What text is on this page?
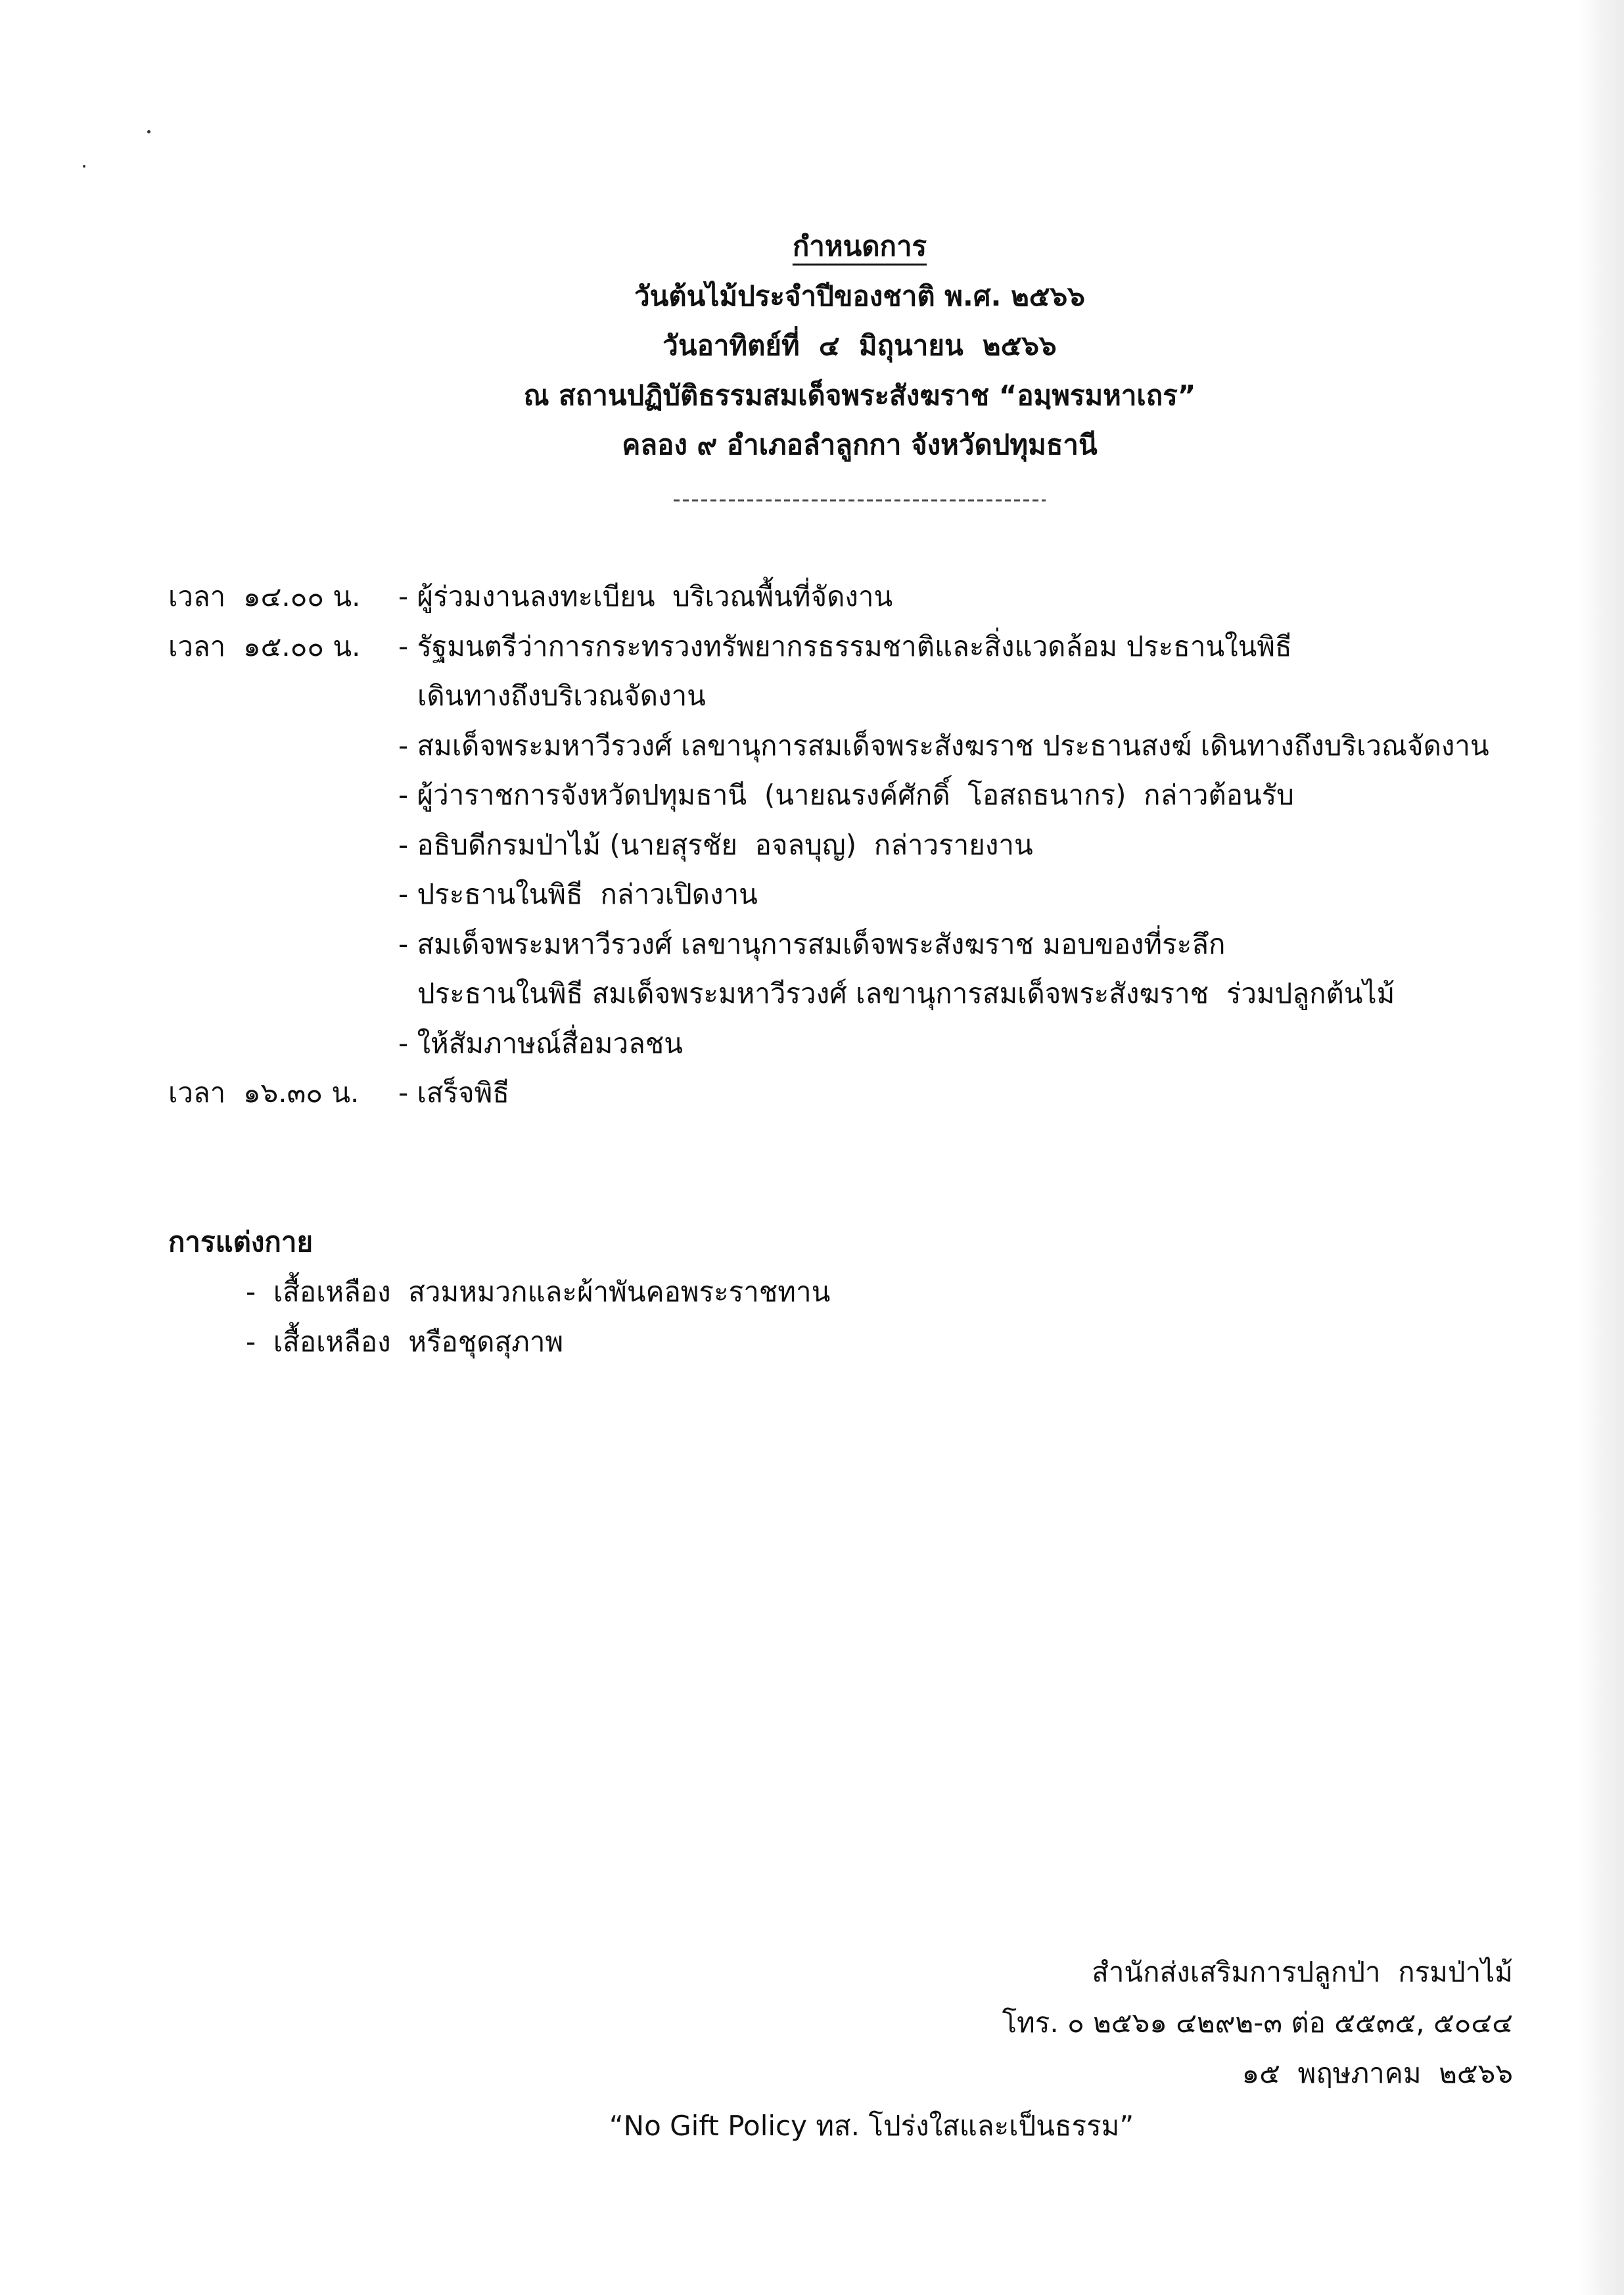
กำหนดการ
วันต้นไม้ประจำปีของชาติ พ.ศ. ๒๕๖๖
วันอาทิตย์ที่  ๔  มิถุนายน  ๒๕๖๖
ณ สถานปฏิบัติธรรมสมเด็จพระสังฆราช “อมฺพรมหาเถร”
คลอง ๙ อำเภอลำลูกกา จังหวัดปทุมธานี
เวลา  ๑๔.๐๐ น.	- ผู้ร่วมงานลงทะเบียน  บริเวณพื้นที่จัดงาน
เวลา  ๑๕.๐๐ น.	- รัฐมนตรีว่าการกระทรวงทรัพยากรธรรมชาติและสิ่งแวดล้อม ประธานในพิธี
เดินทางถึงบริเวณจัดงาน
- สมเด็จพระมหาวีรวงศ์ เลขานุการสมเด็จพระสังฆราช ประธานสงฆ์ เดินทางถึงบริเวณจัดงาน
- ผู้ว่าราชการจังหวัดปทุมธานี  (นายณรงค์ศักดิ์  โอสถธนากร)  กล่าวต้อนรับ
- อธิบดีกรมป่าไม้ (นายสุรชัย  อจลบุญ)  กล่าวรายงาน
- ประธานในพิธี  กล่าวเปิดงาน
- สมเด็จพระมหาวีรวงศ์ เลขานุการสมเด็จพระสังฆราช มอบของที่ระลึก
ประธานในพิธี สมเด็จพระมหาวีรวงศ์ เลขานุการสมเด็จพระสังฆราช  ร่วมปลูกต้นไม้
- ให้สัมภาษณ์สื่อมวลชน
เวลา  ๑๖.๓๐ น.	- เสร็จพิธี
การแต่งกาย
-  เสื้อเหลือง  สวมหมวกและผ้าพันคอพระราชทาน
-  เสื้อเหลือง  หรือชุดสุภาพ
สำนักส่งเสริมการปลูกป่า  กรมป่าไม้
โทร. ๐ ๒๕๖๑ ๔๒๙๒-๓ ต่อ ๕๕๓๕, ๕๐๔๔
๑๕  พฤษภาคม  ๒๕๖๖
“No Gift Policy ทส. โปร่งใสและเป็นธรรม”
